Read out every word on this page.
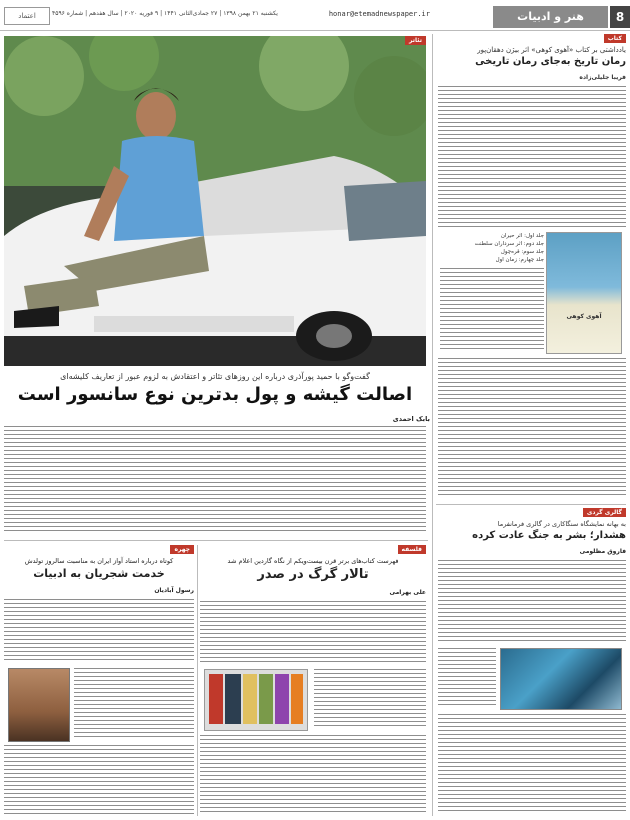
8
هنر و ادبیات
honar@etemadnewspaper.ir
یکشنبه ۲۱ بهمن ۱۳۹۸ | ۲۷ جمادی‌الثانی ۱۴۴۱ | ۹ فوریه ۲۰۲۰ | سال هفدهم | شماره ۴۵۹۶
اعتماد
تئاتر
گفت‌وگو با حمید پورآذری درباره این روزهای تئاتر و اعتقادش به لزوم عبور از تعاریف کلیشه‌ای
اصالت گیشه و پول بدترین نوع سانسور است
بابک احمدی
کتاب
یادداشتی بر کتاب «آهوی کوهی» اثر بیژن دهقان‌پور
رمان تاریخ به‌جای رمان تاریخی
فریبا جلیلی‌زاده
آهوی کوهی
جلد اول: اثر حیران
جلد دوم: اثر سرداران سلطنت
جلد سوم: قره‌چول
جلد چهارم: زمان اول
گالری گردی
به بهانه نمایشگاه سنگاکاری در گالری فرمانفرما
هشدار؛ بشر به جنگ عادت کرده
فاروق مظلومی
فلسفه
فهرست کتاب‌های برتر قرن بیست‌ویکم از نگاه گاردین اعلام شد
تالار گرگ در صدر
علی بهرامی
چهره
کوتاه درباره استاد آواز ایران به مناسبت سالروز تولدش
خدمت شجریان به ادبیات
رسول آبادیان
